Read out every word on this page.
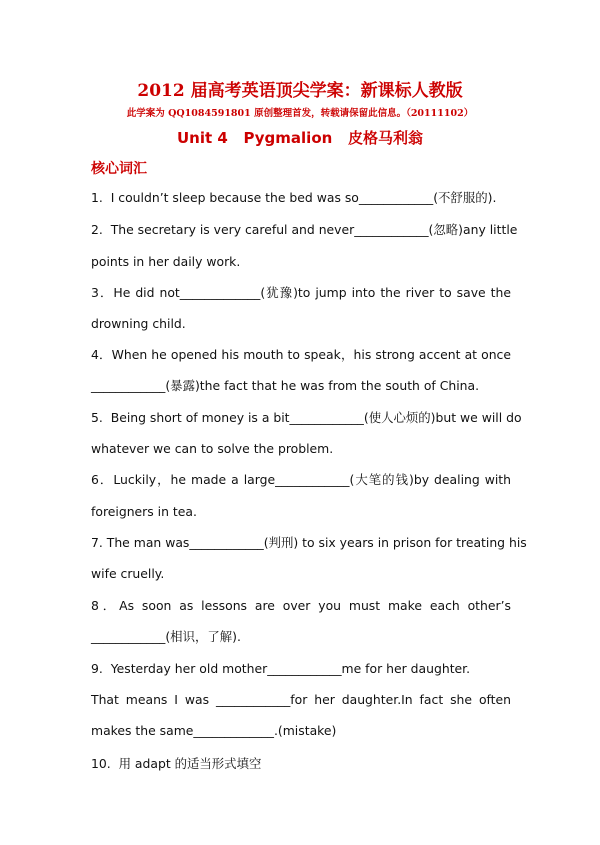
2012 届高考英语顶尖学案：新课标人教版
此学案为 QQ1084591801 原创整理首发，转载请保留此信息。（20111102）
Unit 4   Pygmalion   皮格马利翁
核心词汇
1.  I couldn’t sleep because the bed was so____________(不舒服的).
2.  The secretary is very careful and never____________(忽略)any little
points in her daily work.
3．He did not_____________(犹豫)to jump into the river to save the
drowning child.
4．When he opened his mouth to speak，his strong accent at once
____________(暴露)the fact that he was from the south of China.
5.  Being short of money is a bit____________(使人心烦的)but we will do
whatever we can to solve the problem.
6．Luckily，he made a large____________(大笔的钱)by dealing with
foreigners in tea.
7. The man was____________(判刑) to six years in prison for treating his
wife cruelly.
8．As soon as lessons are over you must make each other’s
____________(相识，了解).
9.  Yesterday her old mother____________me for her daughter.
That means I was ____________for her daughter.In fact she often
makes the same_____________.(mistake)
10.  用 adapt 的适当形式填空
